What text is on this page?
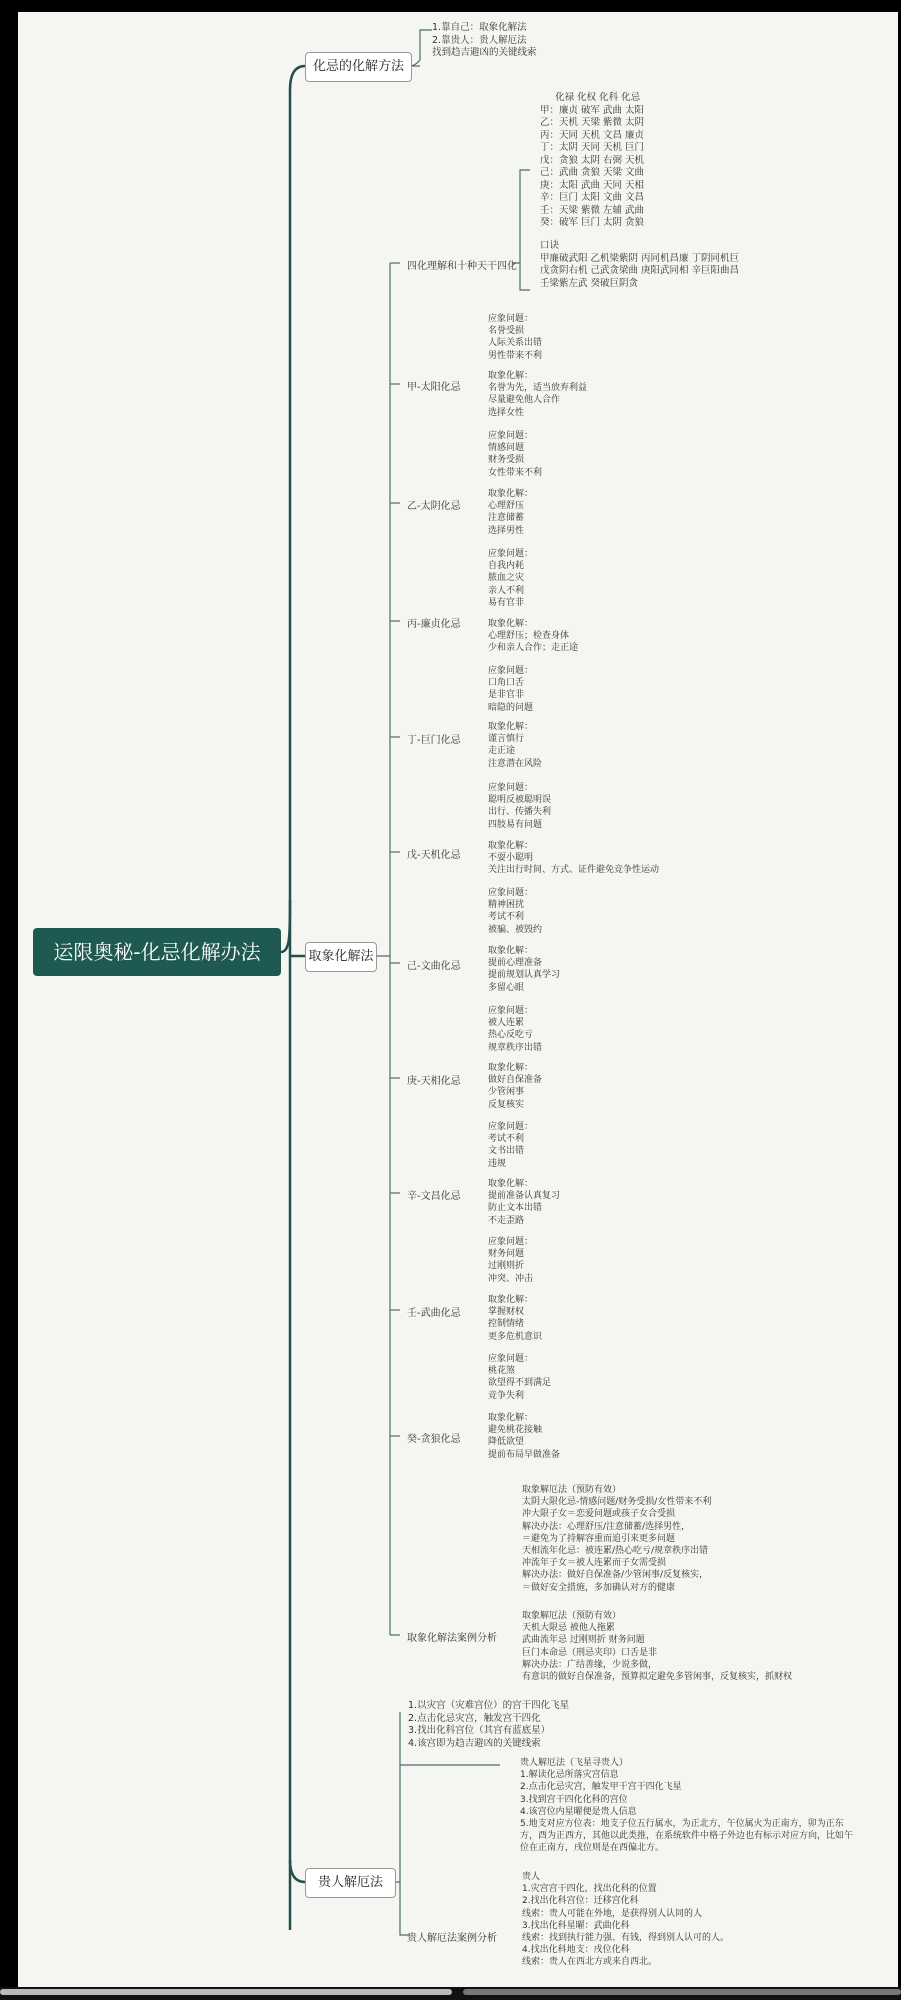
运限奥秘-化忌化解办法
化忌的化解方法
取象化解法
贵人解厄法
1.靠自己：取象化解法
2.靠贵人：贵人解厄法
找到趋吉避凶的关键线索
四化理解和十种天干四化
化禄 化权 化科 化忌
甲：廉贞 破军 武曲 太阳
乙：天机 天梁 紫微 太阴
丙：天同 天机 文昌 廉贞
丁：太阴 天同 天机 巨门
戊：贪狼 太阴 右弼 天机
己：武曲 贪狼 天梁 文曲
庚：太阳 武曲 天同 天相
辛：巨门 太阳 文曲 文昌
壬：天梁 紫微 左辅 武曲
癸：破军 巨门 太阴 贪狼
口诀
甲廉破武阳 乙机梁紫阴 丙同机昌廉 丁阴同机巨
戊贪阴右机 己武贪梁曲 庚阳武同相 辛巨阳曲昌
壬梁紫左武 癸破巨阴贪
甲-太阳化忌
应象问题：
名誉受损
人际关系出错
男性带来不利
取象化解：
名誉为先，适当放弃利益
尽量避免他人合作
选择女性
乙-太阴化忌
应象问题：
情感问题
财务受损
女性带来不利
取象化解：
心理舒压
注意储蓄
选择男性
丙-廉贞化忌
应象问题：
自我内耗
脓血之灾
亲人不利
易有官非
取象化解：
心理舒压；检查身体
少和亲人合作；走正途
丁-巨门化忌
应象问题：
口角口舌
是非官非
暗隐的问题
取象化解：
谨言慎行
走正途
注意潜在风险
戊-天机化忌
应象问题：
聪明反被聪明误
出行、传播失利
四肢易有问题
取象化解：
不耍小聪明
关注出行时间、方式、证件避免竞争性运动
己-文曲化忌
应象问题：
精神困扰
考试不利
被骗、被毁约
取象化解：
提前心理准备
提前规划认真学习
多留心眼
庚-天相化忌
应象问题：
被人连累
热心反吃亏
规章秩序出错
取象化解：
做好自保准备
少管闲事
反复核实
辛-文昌化忌
应象问题：
考试不利
文书出错
违规
取象化解：
提前准备认真复习
防止文本出错
不走歪路
壬-武曲化忌
应象问题：
财务问题
过刚则折
冲突、冲击
取象化解：
掌握财权
控制情绪
更多危机意识
癸-贪狼化忌
应象问题：
桃花煞
欲望得不到满足
竞争失利
取象化解：
避免桃花接触
降低欲望
提前布局早做准备
取象化解法案例分析
取象解厄法（预防有效）
太阴大限化忌-情感问题/财务受损/女性带来不利
冲大限子女＝恋爱问题或孩子女合受损
解决办法：心理舒压/注意储蓄/选择男性，
＝避免为了持解容重而追引来更多问题
天相流年化忌：被连累/热心吃亏/规章秩序出错
冲流年子女＝被人连累而子女需受损
解决办法：做好自保准备/少管闲事/反复核实，
＝做好安全措施，多加确认对方的健康
取象解厄法（预防有效）
天机大限忌 被他人拖累
武曲流年忌 过刚则折 财务问题
巨门本命忌（刑忌夹印）口舌是非
解决办法：广结善缘，少说多做，
有意识的做好自保准备，预算拟定避免多管闲事，反复核实，抓财权
1.以灾宫（灾难宫位）的宫干四化飞星
2.点击化忌灾宫，触发宫干四化
3.找出化科宫位（其宫有蓝底星）
4.该宫即为趋吉避凶的关键线索
贵人解厄法（飞星寻贵人）
1.解读化忌所落灾宫信息
2.点击化忌灾宫，触发甲干宫干四化飞星
3.找到宫干四化化科的宫位
4.该宫位内星曜便是贵人信息
5.地支对应方位表：地支子位五行属水，为正北方，午位属火为正南方，卯为正东
方，酉为正西方，其他以此类推，在系统软件中格子外边也有标示对应方向，比如午
位在正南方，戌位则是在西偏北方。
贵人解厄法案例分析
贵人
1.灾宫宫干四化，找出化科的位置
2.找出化科宫位：迁移宫化科
线索：贵人可能在外地，是获得别人认同的人
3.找出化科星曜：武曲化科
线索：找到执行能力强、有钱，得到别人认可的人。
4.找出化科地支：戌位化科
线索：贵人在西北方或来自西北。
